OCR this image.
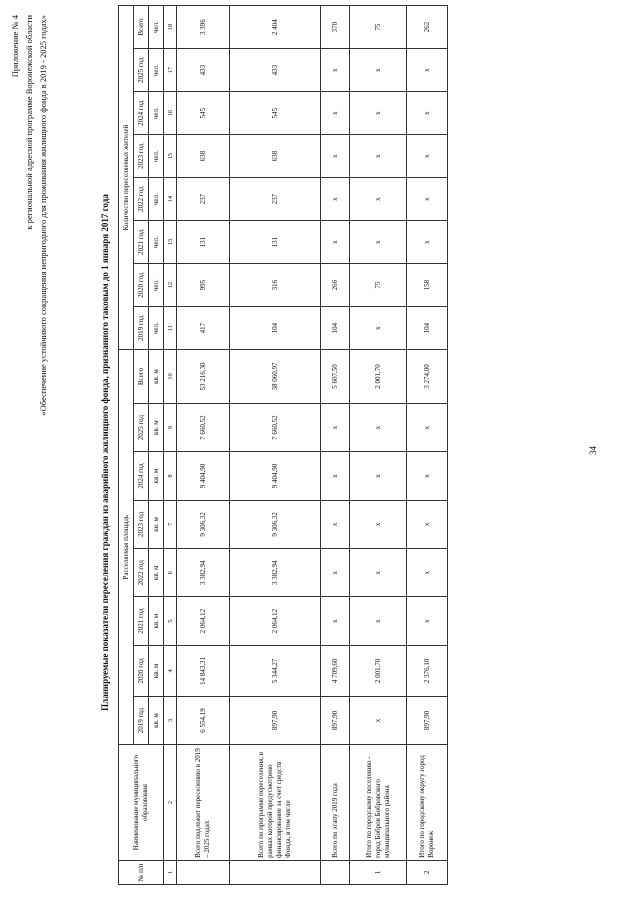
Приложение № 4 к региональной адресной программе Воронежской области «Обеспечение устойчивого сокращения непригодного для проживания жилищного фонда в 2019 - 2025 годах»	Планируемые показатели переселения граждан из аварийного жилищного фонда, признанного таковым до 1 января 2017 года
№ п/п	Наименование муниципального образования	Расселяемая площадь								Количество переселяемых жителей							
		2019 год	2020 год	2021 год	2022 год	2023 год	2024 год	2025 год	Всего	2019 год	2020 год	2021 год	2022 год	2023 год	2024 год	2025 год	Всего
		кв. м	кв. м	кв. м	кв. м	кв. м	кв. м	кв. м	кв. м	чел.	чел.	чел.	чел.	чел.	чел.	чел.	чел.
1	2	3	4	5	6	7	8	9	10	11	12	13	14	15	16	17	18
	Всего подлежит переселению в 2019 – 2025 годах	6 554,19	14 843,31	2 064,12	3 382,94	9 306,32	9 404,90	7 660,52	53 216,30	417	995	131	237	638	545	433	3 396
	Всего по программе переселения, в рамках которой предусмотрено финансирование за счет средств Фонда, в том числе	897,90	5 344,27	2 064,12	3 382,94	9 306,32	9 404,90	7 660,52	38 060,97	104	316	131	237	638	545	433	2 404
	Всего по этапу 2019 года	897,90	4 709,60	х	х	х	х	х	5 607,50	104	266	х	х	х	х	х	370
1	Итого по городскому поселению - город Бобров Бобровского муниципального района	х	2 001,70	х	х	х	х	х	2 001,70	х	75	х	х	х	х	х	75
2	Итого по городскому округу город Воронеж	897,90	2 376,10	х	х	х	х	х	3 274,00	104	158	х	х	х	х	х	262
34
